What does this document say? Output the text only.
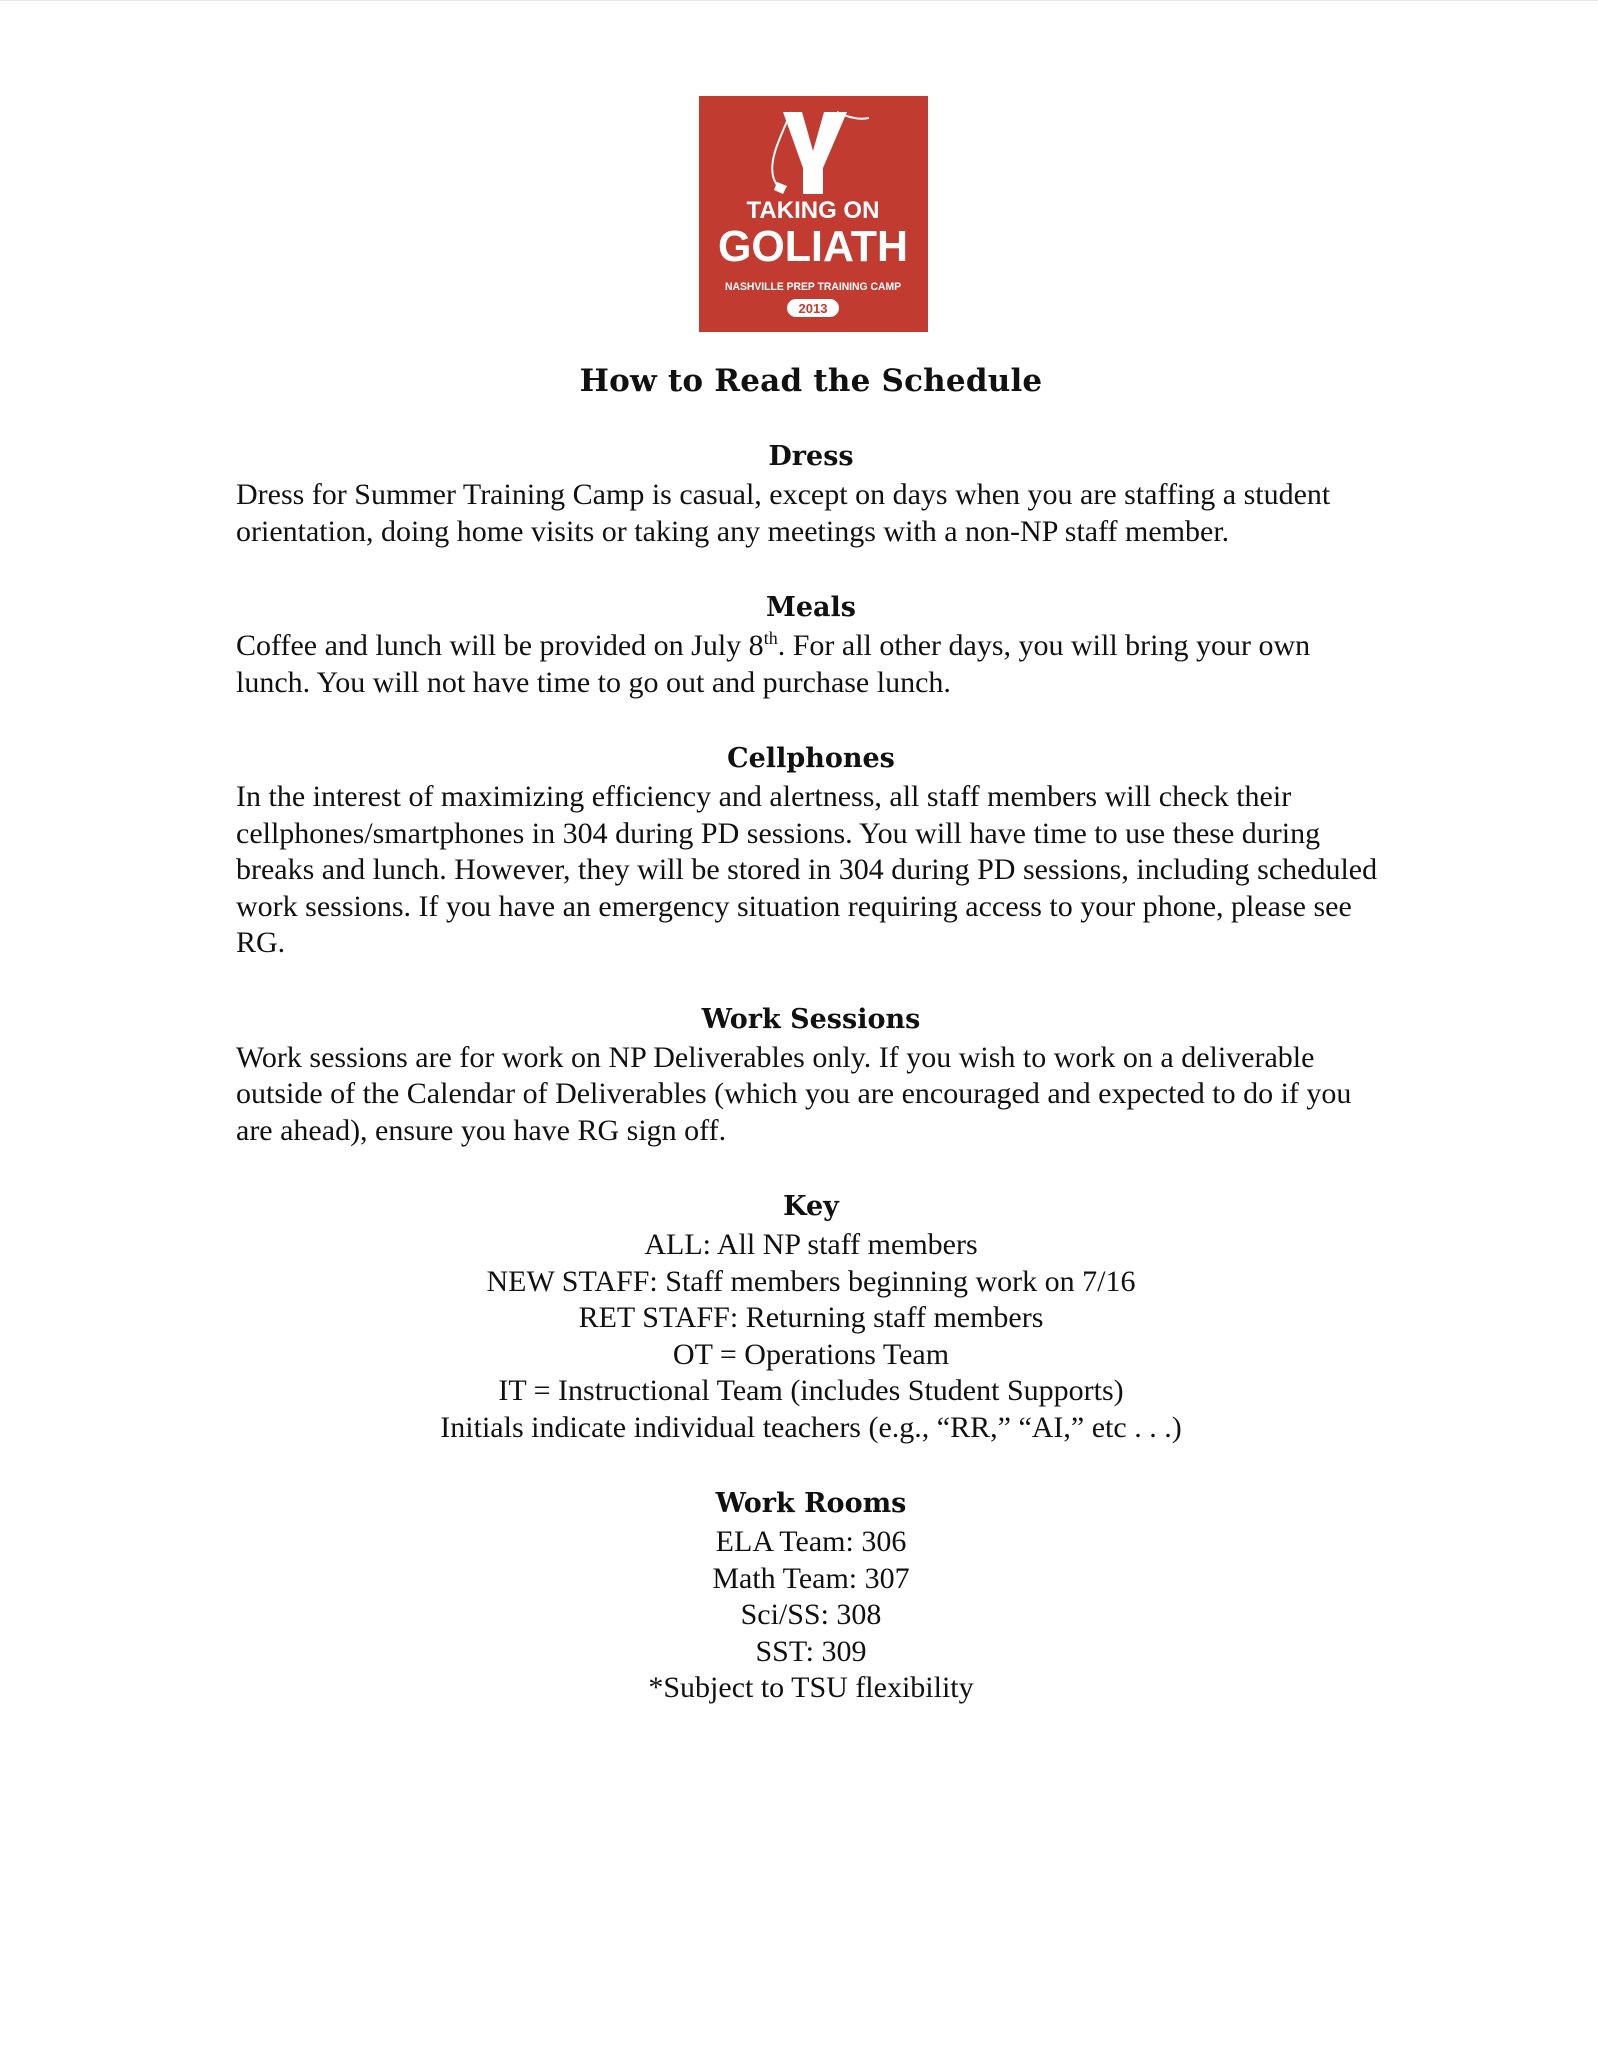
TAKING ON
GOLIATH
NASHVILLE PREP TRAINING CAMP
2013
How to Read the Schedule
Dress

Dress for Summer Training Camp is casual, except on days when you are staffing a student orientation, doing home visits or taking any meetings with a non-NP staff member.

Meals

Coffee and lunch will be provided on July 8th. For all other days, you will bring your own lunch. You will not have time to go out and purchase lunch.

Cellphones

In the interest of maximizing efficiency and alertness, all staff members will check their cellphones/smartphones in 304 during PD sessions. You will have time to use these during breaks and lunch. However, they will be stored in 304 during PD sessions, including scheduled work sessions. If you have an emergency situation requiring access to your phone, please see RG.

Work Sessions

Work sessions are for work on NP Deliverables only. If you wish to work on a deliverable outside of the Calendar of Deliverables (which you are encouraged and expected to do if you are ahead), ensure you have RG sign off.

Key
ALL: All NP staff members
NEW STAFF: Staff members beginning work on 7/16
RET STAFF: Returning staff members
OT = Operations Team
IT = Instructional Team (includes Student Supports)
Initials indicate individual teachers (e.g., “RR,” “AI,” etc . . .)
Work Rooms
ELA Team: 306
Math Team: 307
Sci/SS: 308
SST: 309
*Subject to TSU flexibility
